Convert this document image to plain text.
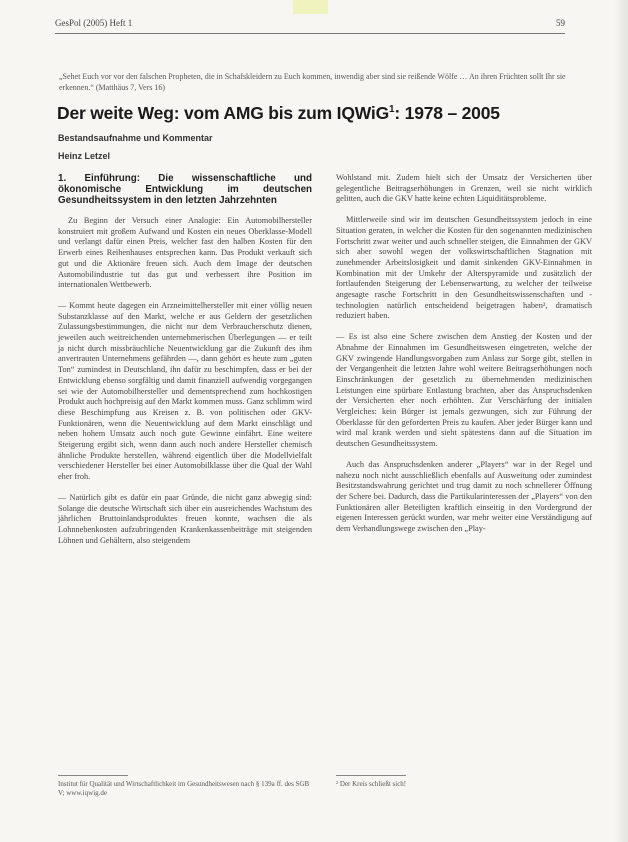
GesPol (2005) Heft 1	59
„Sehet Euch vor vor den falschen Propheten, die in Schafskleidern zu Euch kommen, inwendig aber sind sie reißende Wölfe … An ihren Früchten sollt Ihr sie erkennen.“ (Matthäus 7, Vers 16)
Der weite Weg: vom AMG bis zum IQWiG$^1$: 1978 – 2005
Bestandsaufnahme und Kommentar
Heinz Letzel
1. Einführung: Die wissenschaftliche und ökonomische Entwicklung im deutschen Gesundheitssystem in den letzten Jahrzehnten

Zu Beginn der Versuch einer Analogie: Ein Automobilhersteller konstruiert mit großem Aufwand und Kosten ein neues Oberklasse-Modell und verlangt dafür einen Preis, welcher fast den halben Kosten für den Erwerb eines Reihenhauses entsprechen kann. Das Produkt verkauft sich gut und die Aktionäre freuen sich. Auch dem Image der deutschen Automobilindustrie tut das gut und verbessert ihre Position im internationalen Wettbewerb.

— Kommt heute dagegen ein Arzneimittelhersteller mit einer völlig neuen Substanzklasse auf den Markt, welche er aus Geldern der gesetzlichen Zulassungsbestimmungen, die nicht nur dem Verbraucherschutz dienen, jeweilen auch weitreichenden unternehmerischen Überlegungen — er teilt ja nicht durch missbräuchliche Neuentwicklung gar die Zukunft des ihm anvertrauten Unternehmens gefährden —, dann gehört es heute zum „guten Ton“ zumindest in Deutschland, ihn dafür zu beschimpfen, dass er bei der Entwicklung ebenso sorgfältig und damit finanziell aufwendig vorgegangen sei wie der Automobilhersteller und dementsprechend zum hochkostigen Produkt auch hochpreisig auf den Markt kommen muss. Ganz schlimm wird diese Beschimpfung aus Kreisen z. B. von politischen oder GKV-Funktionären, wenn die Neuentwicklung auf dem Markt einschlägt und neben hohem Umsatz auch noch gute Gewinne einfährt. Eine weitere Steigerung ergibt sich, wenn dann auch noch andere Hersteller chemisch ähnliche Produkte herstellen, während eigentlich über die Modellvielfalt verschiedener Hersteller bei einer Automobilklasse über die Qual der Wahl eher froh.

— Natürlich gibt es dafür ein paar Gründe, die nicht ganz abwegig sind: Solange die deutsche Wirtschaft sich über ein ausreichendes Wachstum des jährlichen Bruttoinlandsproduktes freuen konnte, wachsen die als Lohnnebenkosten aufzubringenden Krankenkassenbeiträge mit steigenden Löhnen und Gehältern, also steigendem

Wohlstand mit. Zudem hielt sich der Umsatz der Versicherten über gelegentliche Beitragserhöhungen in Grenzen, weil sie nicht wirklich gelitten, auch die GKV hatte keine echten Liquiditätsprobleme.

Mittlerweile sind wir im deutschen Gesundheitssystem jedoch in eine Situation geraten, in welcher die Kosten für den sogenannten medizinischen Fortschritt zwar weiter und auch schneller steigen, die Einnahmen der GKV sich aber sowohl wegen der volkswirtschaftlichen Stagnation mit zunehmender Arbeitslosigkeit und damit sinkenden GKV-Einnahmen in Kombination mit der Umkehr der Alterspyramide und zusätzlich der fortlaufenden Steigerung der Lebenserwartung, zu welcher der teilweise angesagte rasche Fortschritt in den Gesundheitswissenschaften und -technologien natürlich entscheidend beigetragen haben², dramatisch reduziert haben.

— Es ist also eine Schere zwischen dem Anstieg der Kosten und der Abnahme der Einnahmen im Gesundheitswesen eingetreten, welche der GKV zwingende Handlungsvorgaben zum Anlass zur Sorge gibt, stellen in der Vergangenheit die letzten Jahre wohl weitere Beitragserhöhungen noch Einschränkungen der gesetzlich zu übernehmenden medizinischen Leistungen eine spürbare Entlastung brachten, aber das Anspruchsdenken der Versicherten eher noch erhöhten. Zur Verschärfung der initialen Vergleiches: kein Bürger ist jemals gezwungen, sich zur Führung der Oberklasse für den geforderten Preis zu kaufen. Aber jeder Bürger kann und wird mal krank werden und sieht spätestens dann auf die Situation im deutschen Gesundheitssystem.

Auch das Anspruchsdenken anderer „Players“ war in der Regel und nahezu noch nicht ausschließlich ebenfalls auf Ausweitung oder zumindest Besitzstandswahrung gerichtet und trug damit zu noch schnellerer Öffnung der Schere bei. Dadurch, dass die Partikularinteressen der „Players“ von den Funktionären aller Beteiligten kraftlich einseitig in den Vordergrund der eigenen Interessen gerückt wurden, war mehr weiter eine Verständigung auf dem Verhandlungswege zwischen den „Play-

Institut für Qualität und Wirtschaftlichkeit im Gesundheitswesen nach § 139a ff. des SGB V; www.iqwig.de
² Der Kreis schließt sich!
